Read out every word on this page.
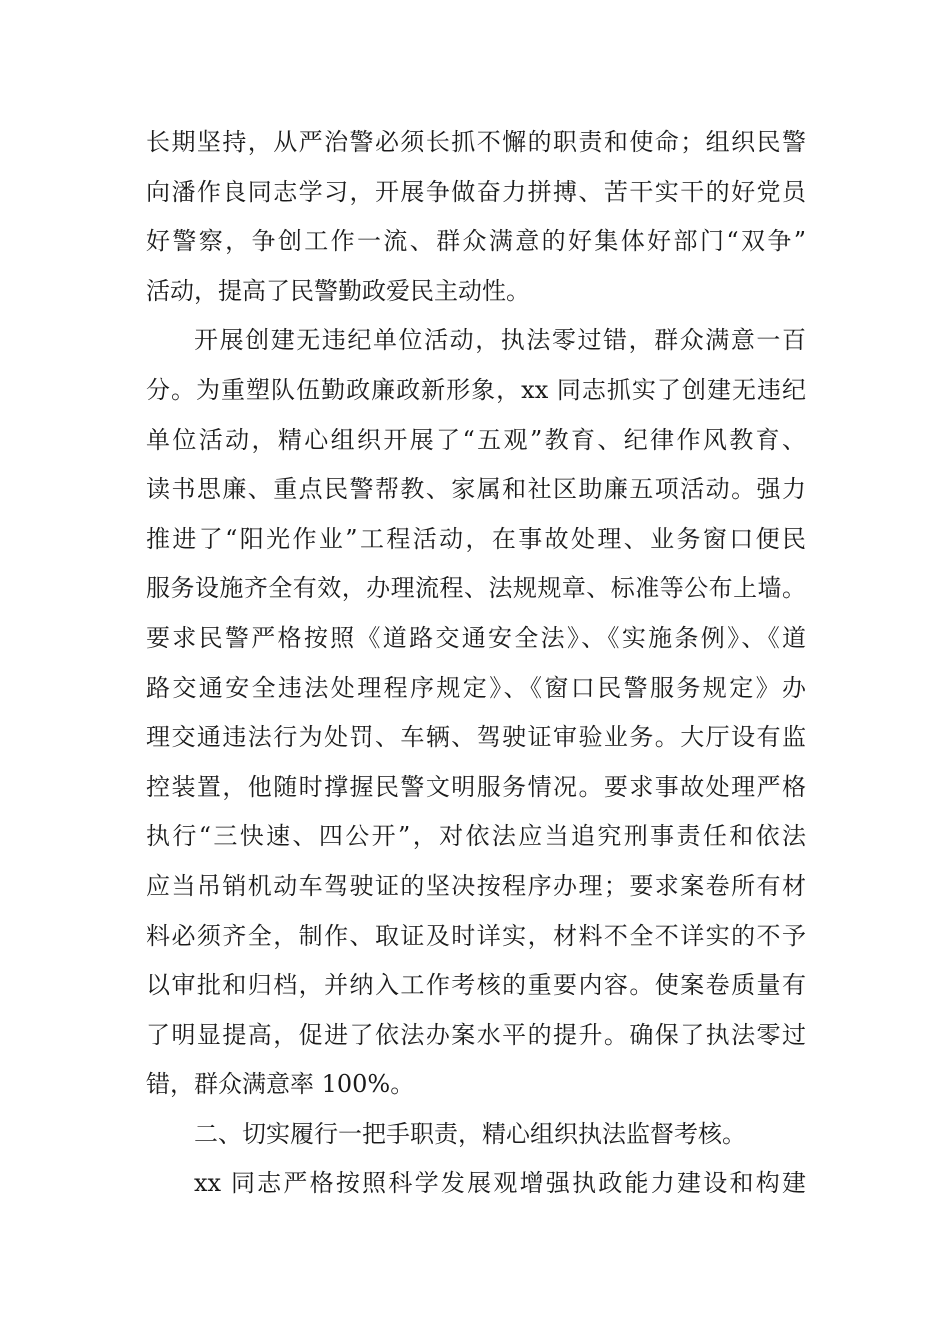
长期坚持，从严治警必须长抓不懈的职责和使命；组织民警
向潘作良同志学习，开展争做奋力拼搏、苦干实干的好党员
好警察，争创工作一流、群众满意的好集体好部门“双争”
活动，提高了民警勤政爱民主动性。
开展创建无违纪单位活动，执法零过错，群众满意一百
分。为重塑队伍勤政廉政新形象，xx 同志抓实了创建无违纪
单位活动，精心组织开展了“五观”教育、纪律作风教育、
读书思廉、重点民警帮教、家属和社区助廉五项活动。强力
推进了“阳光作业”工程活动，在事故处理、业务窗口便民
服务设施齐全有效，办理流程、法规规章、标准等公布上墙。
要求民警严格按照《道路交通安全法》、《实施条例》、《道
路交通安全违法处理程序规定》、《窗口民警服务规定》办
理交通违法行为处罚、车辆、驾驶证审验业务。大厅设有监
控装置，他随时撑握民警文明服务情况。要求事故处理严格
执行“三快速、四公开”，对依法应当追究刑事责任和依法
应当吊销机动车驾驶证的坚决按程序办理；要求案卷所有材
料必须齐全，制作、取证及时详实，材料不全不详实的不予
以审批和归档，并纳入工作考核的重要内容。使案卷质量有
了明显提高，促进了依法办案水平的提升。确保了执法零过
错，群众满意率 100%。
二、切实履行一把手职责，精心组织执法监督考核。
xx 同志严格按照科学发展观增强执政能力建设和构建
